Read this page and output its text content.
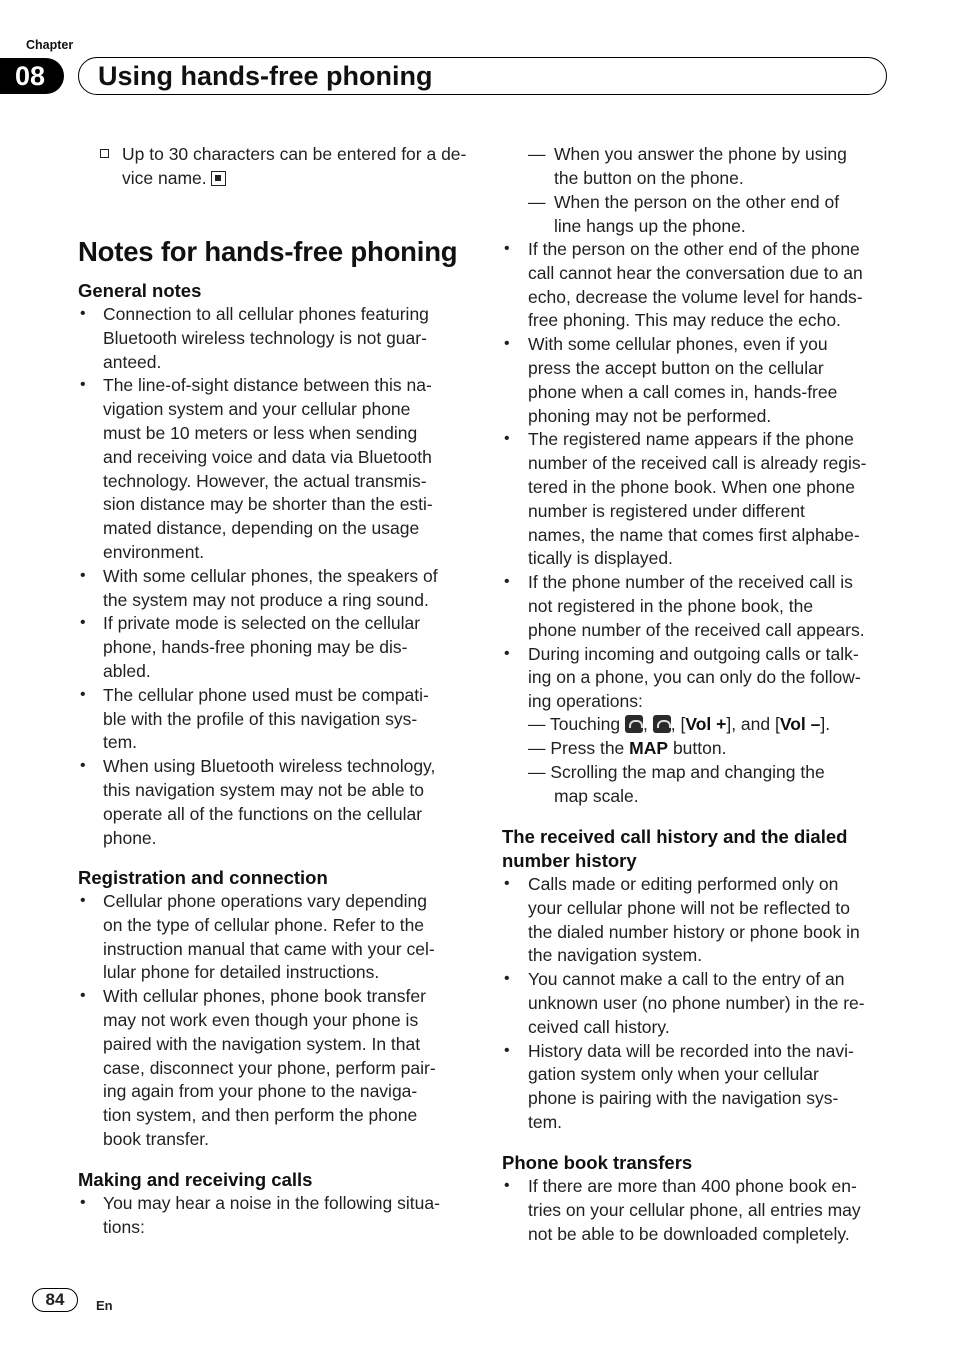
Chapter
08	Using hands-free phoning
Up to 30 characters can be entered for a de-
vice name.
Notes for hands-free phoning
General notes
• Connection to all cellular phones featuring
Bluetooth wireless technology is not guar-
anteed.
• The line-of-sight distance between this na-
vigation system and your cellular phone
must be 10 meters or less when sending
and receiving voice and data via Bluetooth
technology. However, the actual transmis-
sion distance may be shorter than the esti-
mated distance, depending on the usage
environment.
• With some cellular phones, the speakers of
the system may not produce a ring sound.
• If private mode is selected on the cellular
phone, hands-free phoning may be dis-
abled.
• The cellular phone used must be compati-
ble with the profile of this navigation sys-
tem.
• When using Bluetooth wireless technology,
this navigation system may not be able to
operate all of the functions on the cellular
phone.
Registration and connection
• Cellular phone operations vary depending
on the type of cellular phone. Refer to the
instruction manual that came with your cel-
lular phone for detailed instructions.
• With cellular phones, phone book transfer
may not work even though your phone is
paired with the navigation system. In that
case, disconnect your phone, perform pair-
ing again from your phone to the naviga-
tion system, and then perform the phone
book transfer.
Making and receiving calls
• You may hear a noise in the following situa-
tions:
— When you answer the phone by using
the button on the phone.
— When the person on the other end of
line hangs up the phone.
• If the person on the other end of the phone
call cannot hear the conversation due to an
echo, decrease the volume level for hands-
free phoning. This may reduce the echo.
• With some cellular phones, even if you
press the accept button on the cellular
phone when a call comes in, hands-free
phoning may not be performed.
• The registered name appears if the phone
number of the received call is already regis-
tered in the phone book. When one phone
number is registered under different
names, the name that comes first alphabe-
tically is displayed.
• If the phone number of the received call is
not registered in the phone book, the
phone number of the received call appears.
• During incoming and outgoing calls or talk-
ing on a phone, you can only do the follow-
ing operations:
— Touching , , [Vol +], and [Vol –].
— Press the MAP button.
— Scrolling the map and changing the
map scale.
The received call history and the dialed
number history
• Calls made or editing performed only on
your cellular phone will not be reflected to
the dialed number history or phone book in
the navigation system.
• You cannot make a call to the entry of an
unknown user (no phone number) in the re-
ceived call history.
• History data will be recorded into the navi-
gation system only when your cellular
phone is pairing with the navigation sys-
tem.
Phone book transfers
• If there are more than 400 phone book en-
tries on your cellular phone, all entries may
not be able to be downloaded completely.
84	En
